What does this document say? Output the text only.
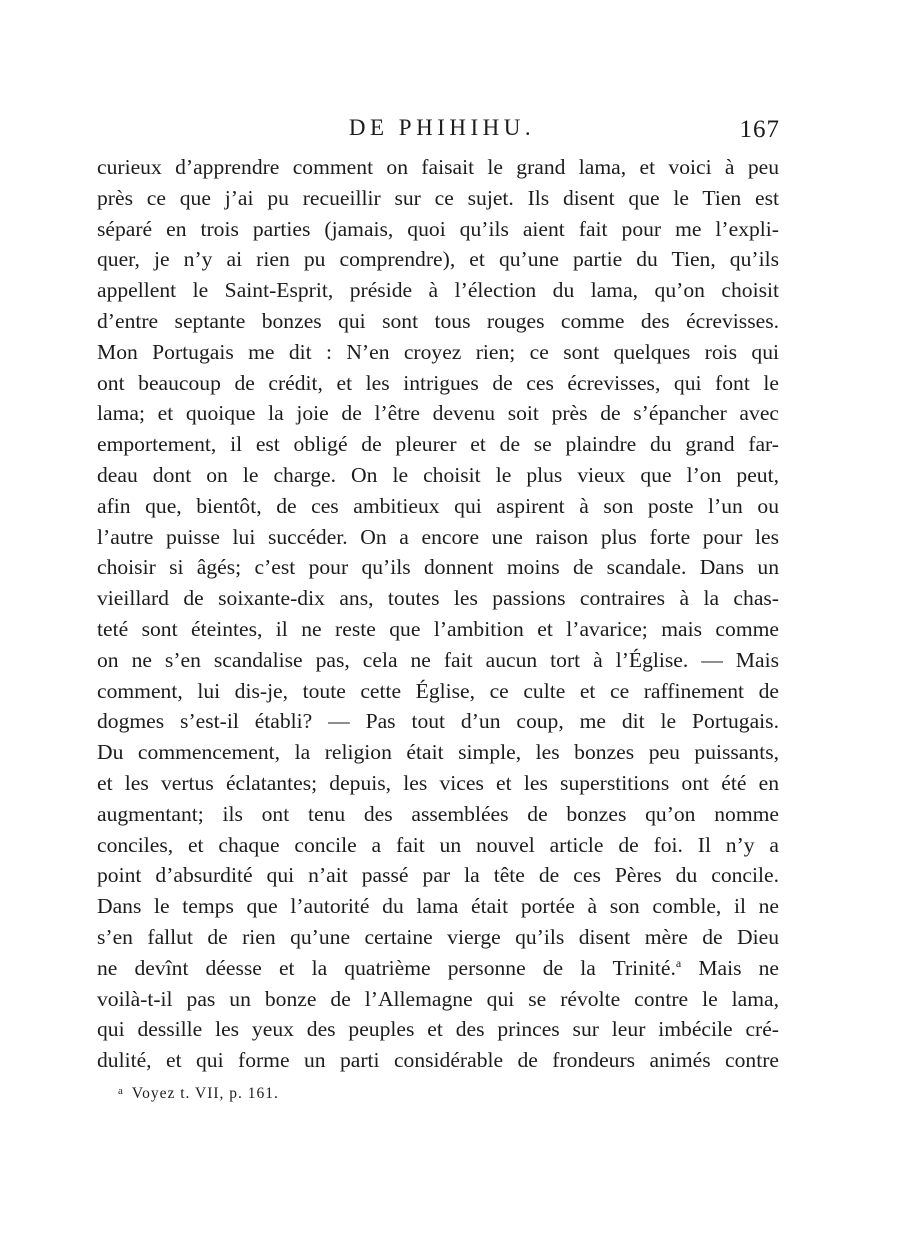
DE PHIHIHU.	167
curieux d’apprendre comment on faisait le grand lama, et voici à peu
près ce que j’ai pu recueillir sur ce sujet. Ils disent que le Tien est
séparé en trois parties (jamais, quoi qu’ils aient fait pour me l’expli-
quer, je n’y ai rien pu comprendre), et qu’une partie du Tien, qu’ils
appellent le Saint-Esprit, préside à l’élection du lama, qu’on choisit
d’entre septante bonzes qui sont tous rouges comme des écrevisses.
Mon Portugais me dit : N’en croyez rien; ce sont quelques rois qui
ont beaucoup de crédit, et les intrigues de ces écrevisses, qui font le
lama; et quoique la joie de l’être devenu soit près de s’épancher avec
emportement, il est obligé de pleurer et de se plaindre du grand far-
deau dont on le charge. On le choisit le plus vieux que l’on peut,
afin que, bientôt, de ces ambitieux qui aspirent à son poste l’un ou
l’autre puisse lui succéder. On a encore une raison plus forte pour les
choisir si âgés; c’est pour qu’ils donnent moins de scandale. Dans un
vieillard de soixante-dix ans, toutes les passions contraires à la chas-
teté sont éteintes, il ne reste que l’ambition et l’avarice; mais comme
on ne s’en scandalise pas, cela ne fait aucun tort à l’Église. — Mais
comment, lui dis-je, toute cette Église, ce culte et ce raffinement de
dogmes s’est-il établi? — Pas tout d’un coup, me dit le Portugais.
Du commencement, la religion était simple, les bonzes peu puissants,
et les vertus éclatantes; depuis, les vices et les superstitions ont été en
augmentant; ils ont tenu des assemblées de bonzes qu’on nomme
conciles, et chaque concile a fait un nouvel article de foi. Il n’y a
point d’absurdité qui n’ait passé par la tête de ces Pères du concile.
Dans le temps que l’autorité du lama était portée à son comble, il ne
s’en fallut de rien qu’une certaine vierge qu’ils disent mère de Dieu
ne devînt déesse et la quatrième personne de la Trinité.$^a$ Mais ne
voilà-t-il pas un bonze de l’Allemagne qui se révolte contre le lama,
qui dessille les yeux des peuples et des princes sur leur imbécile cré-
dulité, et qui forme un parti considérable de frondeurs animés contre
$^a$ Voyez t. VII, p. 161.
